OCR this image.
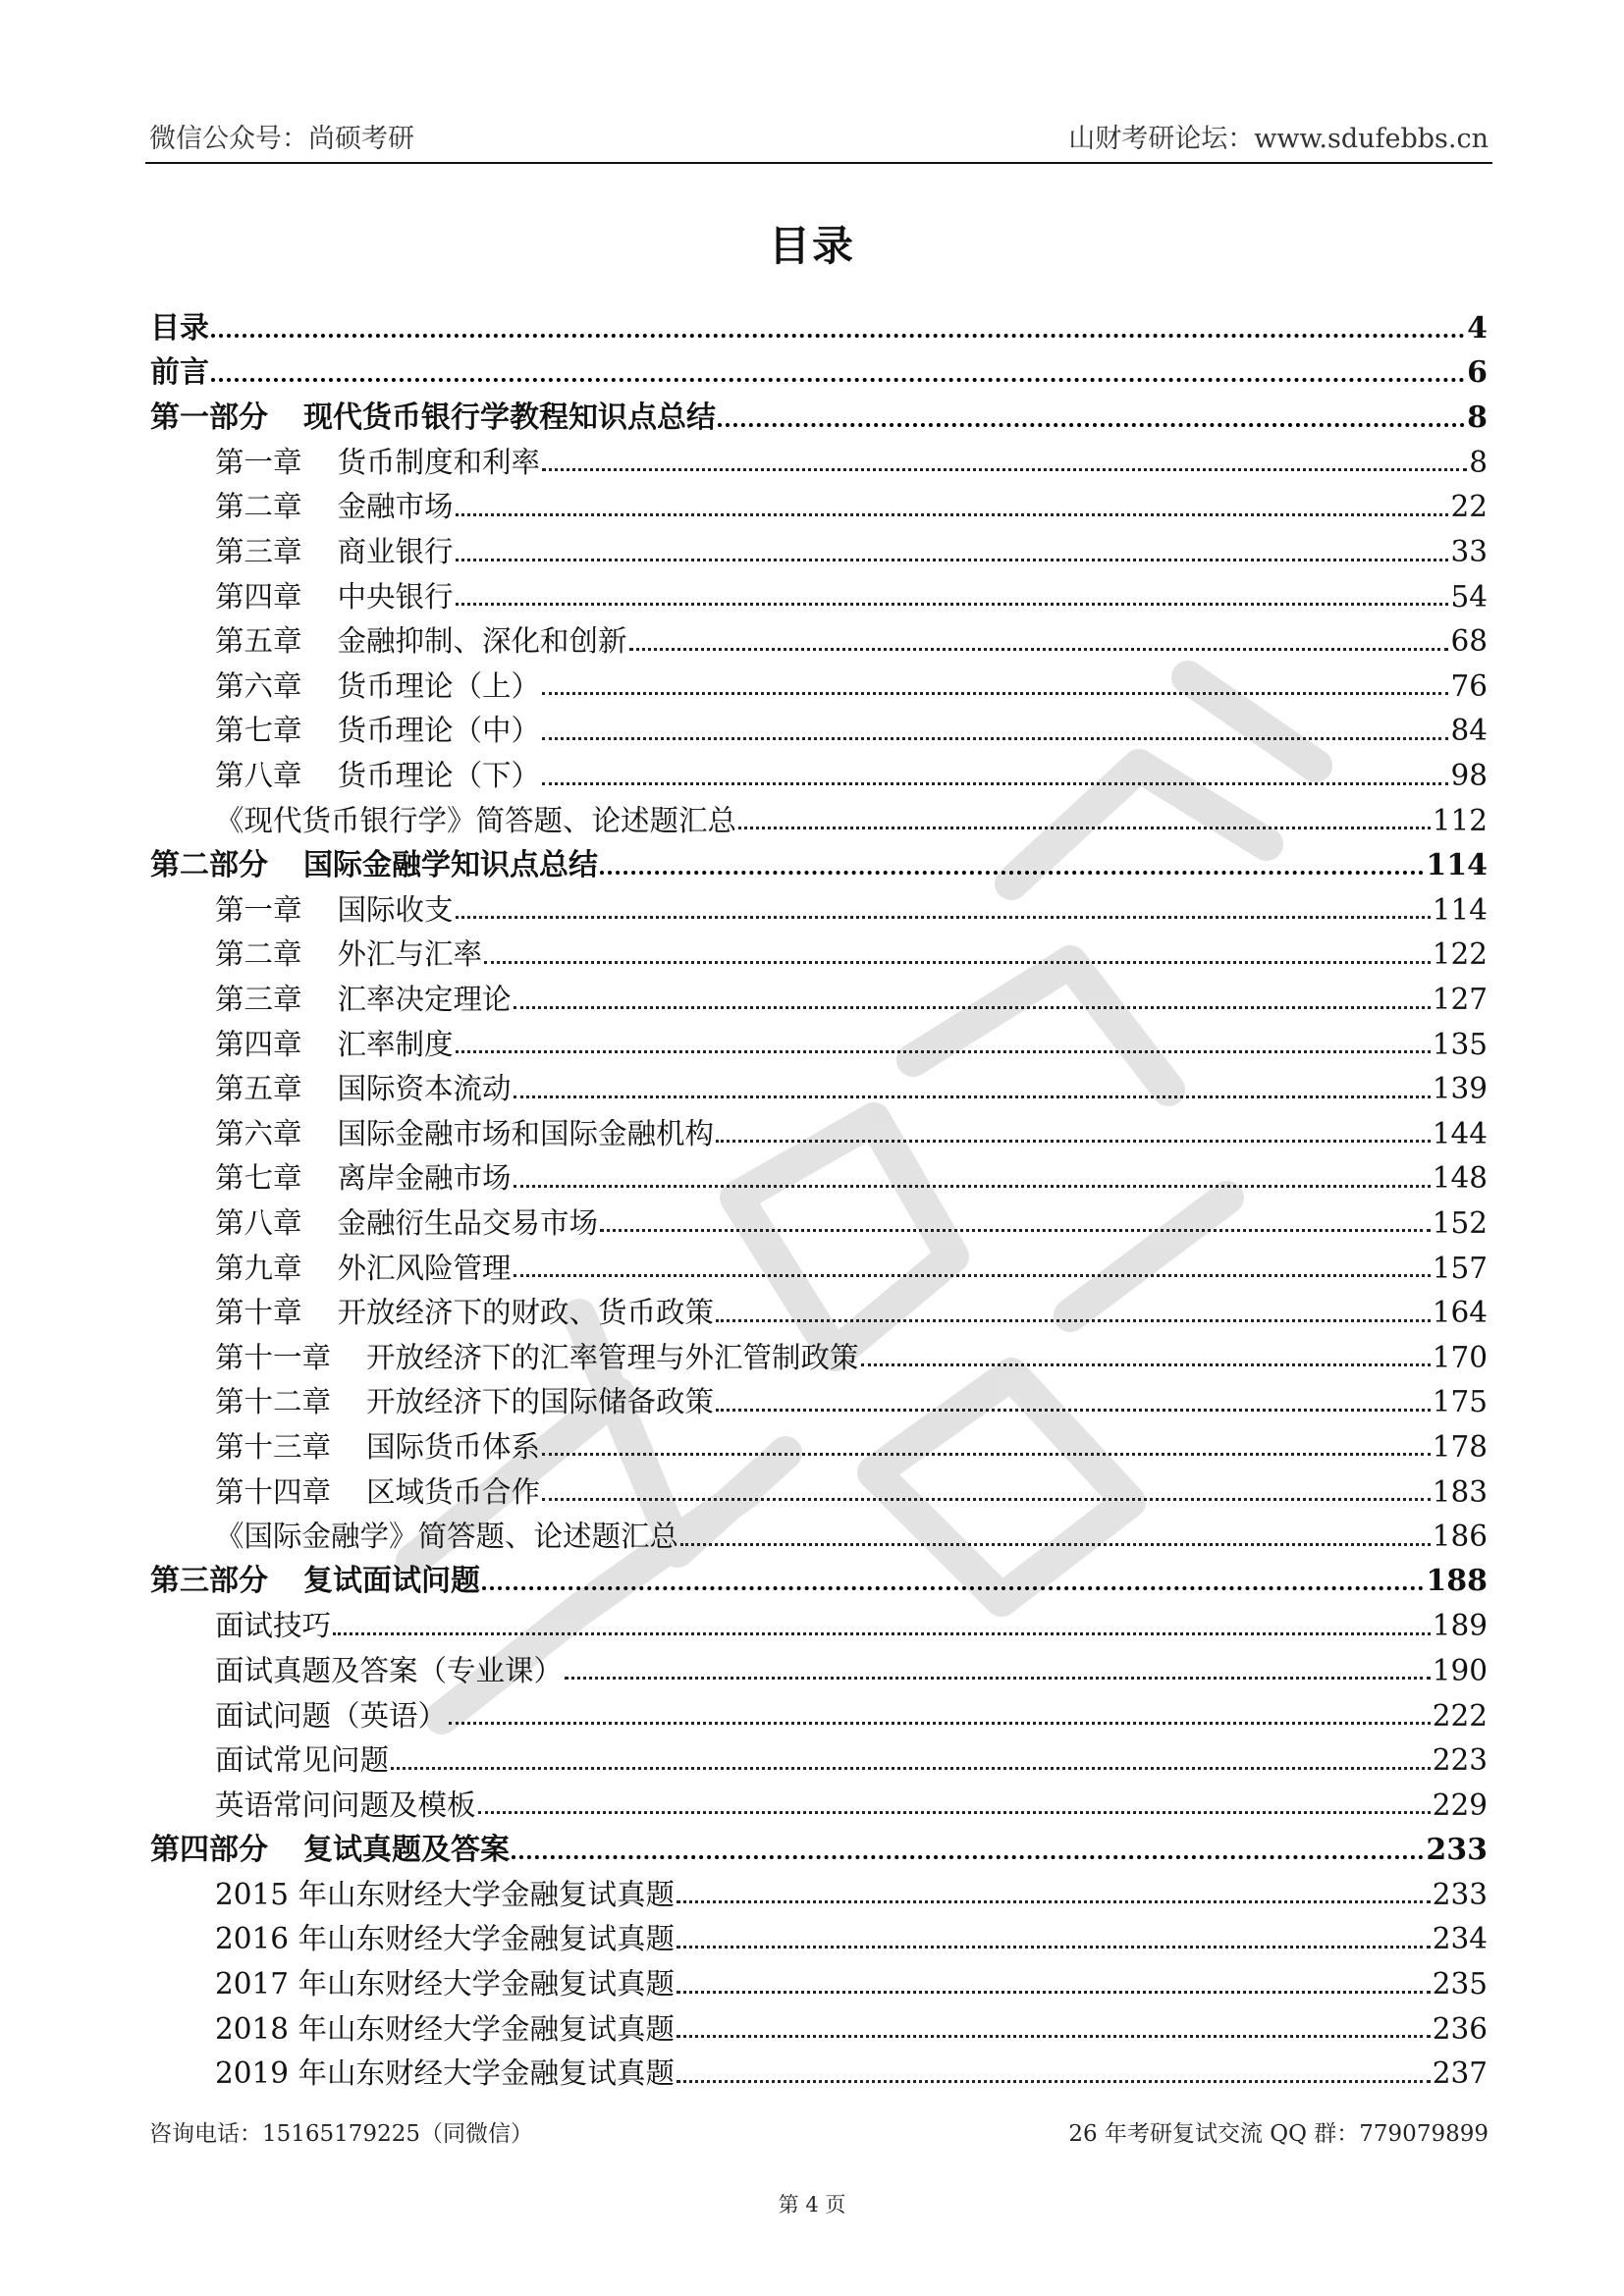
微信公众号：尚硕考研	山财考研论坛：www.sdufebbs.cn
目录
目录	4
前言	6
第一部分 现代货币银行学教程知识点总结	8
第一章 货币制度和利率	8
第二章 金融市场	22
第三章 商业银行	33
第四章 中央银行	54
第五章 金融抑制、深化和创新	68
第六章 货币理论（上）	76
第七章 货币理论（中）	84
第八章 货币理论（下）	98
《现代货币银行学》简答题、论述题汇总	112
第二部分 国际金融学知识点总结	114
第一章 国际收支	114
第二章 外汇与汇率	122
第三章 汇率决定理论	127
第四章 汇率制度	135
第五章 国际资本流动	139
第六章 国际金融市场和国际金融机构	144
第七章 离岸金融市场	148
第八章 金融衍生品交易市场	152
第九章 外汇风险管理	157
第十章 开放经济下的财政、货币政策	164
第十一章 开放经济下的汇率管理与外汇管制政策	170
第十二章 开放经济下的国际储备政策	175
第十三章 国际货币体系	178
第十四章 区域货币合作	183
《国际金融学》简答题、论述题汇总	186
第三部分 复试面试问题	188
面试技巧	189
面试真题及答案（专业课）	190
面试问题（英语）	222
面试常见问题	223
英语常问问题及模板	229
第四部分 复试真题及答案	233
2015 年山东财经大学金融复试真题	233
2016 年山东财经大学金融复试真题	234
2017 年山东财经大学金融复试真题	235
2018 年山东财经大学金融复试真题	236
2019 年山东财经大学金融复试真题	237
咨询电话：15165179225（同微信）	26 年考研复试交流 QQ 群：779079899
第 4 页
